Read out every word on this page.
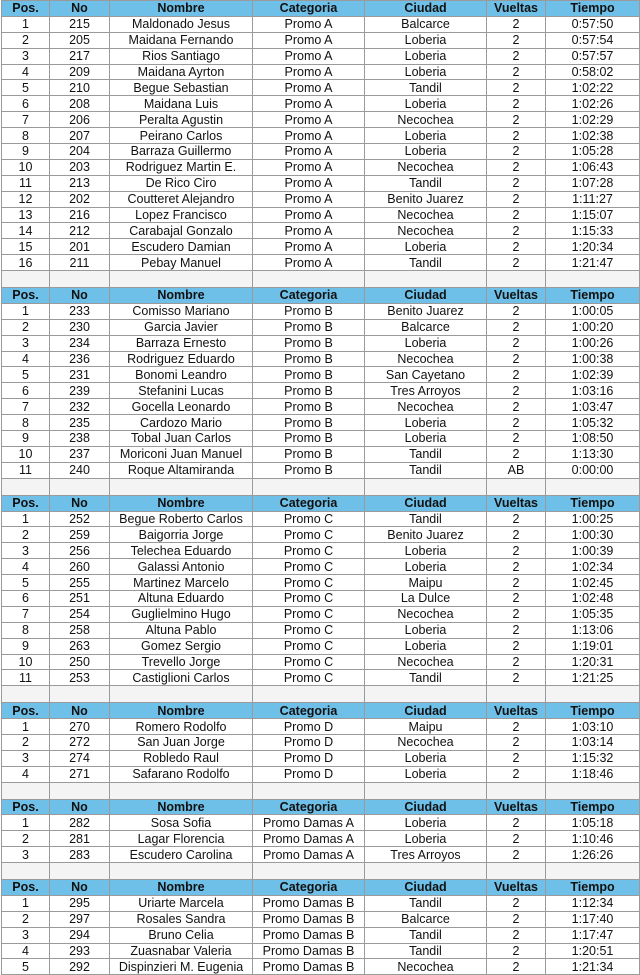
Pos.	No	Nombre	Categoria	Ciudad	Vueltas	Tiempo
1	215	Maldonado Jesus	Promo A	Balcarce	2	0:57:50
2	205	Maidana Fernando	Promo A	Loberia	2	0:57:54
3	217	Rios Santiago	Promo A	Loberia	2	0:57:57
4	209	Maidana Ayrton	Promo A	Loberia	2	0:58:02
5	210	Begue Sebastian	Promo A	Tandil	2	1:02:22
6	208	Maidana Luis	Promo A	Loberia	2	1:02:26
7	206	Peralta Agustin	Promo A	Necochea	2	1:02:29
8	207	Peirano Carlos	Promo A	Loberia	2	1:02:38
9	204	Barraza Guillermo	Promo A	Loberia	2	1:05:28
10	203	Rodriguez Martin E.	Promo A	Necochea	2	1:06:43
11	213	De Rico Ciro	Promo A	Tandil	2	1:07:28
12	202	Coutteret Alejandro	Promo A	Benito Juarez	2	1:11:27
13	216	Lopez Francisco	Promo A	Necochea	2	1:15:07
14	212	Carabajal Gonzalo	Promo A	Necochea	2	1:15:33
15	201	Escudero Damian	Promo A	Loberia	2	1:20:34
16	211	Pebay Manuel	Promo A	Tandil	2	1:21:47

Pos.	No	Nombre	Categoria	Ciudad	Vueltas	Tiempo
1	233	Comisso Mariano	Promo B	Benito Juarez	2	1:00:05
2	230	Garcia Javier	Promo B	Balcarce	2	1:00:20
3	234	Barraza Ernesto	Promo B	Loberia	2	1:00:26
4	236	Rodriguez Eduardo	Promo B	Necochea	2	1:00:38
5	231	Bonomi Leandro	Promo B	San Cayetano	2	1:02:39
6	239	Stefanini Lucas	Promo B	Tres Arroyos	2	1:03:16
7	232	Gocella Leonardo	Promo B	Necochea	2	1:03:47
8	235	Cardozo Mario	Promo B	Loberia	2	1:05:32
9	238	Tobal Juan Carlos	Promo B	Loberia	2	1:08:50
10	237	Moriconi Juan Manuel	Promo B	Tandil	2	1:13:30
11	240	Roque Altamiranda	Promo B	Tandil	AB	0:00:00

Pos.	No	Nombre	Categoria	Ciudad	Vueltas	Tiempo
1	252	Begue Roberto Carlos	Promo C	Tandil	2	1:00:25
2	259	Baigorria Jorge	Promo C	Benito Juarez	2	1:00:30
3	256	Telechea Eduardo	Promo C	Loberia	2	1:00:39
4	260	Galassi Antonio	Promo C	Loberia	2	1:02:34
5	255	Martinez Marcelo	Promo C	Maipu	2	1:02:45
6	251	Altuna Eduardo	Promo C	La Dulce	2	1:02:48
7	254	Guglielmino Hugo	Promo C	Necochea	2	1:05:35
8	258	Altuna Pablo	Promo C	Loberia	2	1:13:06
9	263	Gomez Sergio	Promo C	Loberia	2	1:19:01
10	250	Trevello Jorge	Promo C	Necochea	2	1:20:31
11	253	Castiglioni Carlos	Promo C	Tandil	2	1:21:25

Pos.	No	Nombre	Categoria	Ciudad	Vueltas	Tiempo
1	270	Romero Rodolfo	Promo D	Maipu	2	1:03:10
2	272	San Juan Jorge	Promo D	Necochea	2	1:03:14
3	274	Robledo Raul	Promo D	Loberia	2	1:15:32
4	271	Safarano Rodolfo	Promo D	Loberia	2	1:18:46

Pos.	No	Nombre	Categoria	Ciudad	Vueltas	Tiempo
1	282	Sosa Sofia	Promo Damas A	Loberia	2	1:05:18
2	281	Lagar Florencia	Promo Damas A	Loberia	2	1:10:46
3	283	Escudero Carolina	Promo Damas A	Tres Arroyos	2	1:26:26

Pos.	No	Nombre	Categoria	Ciudad	Vueltas	Tiempo
1	295	Uriarte Marcela	Promo Damas B	Tandil	2	1:12:34
2	297	Rosales Sandra	Promo Damas B	Balcarce	2	1:17:40
3	294	Bruno Celia	Promo Damas B	Tandil	2	1:17:47
4	293	Zuasnabar Valeria	Promo Damas B	Tandil	2	1:20:51
5	292	Dispinzieri M. Eugenia	Promo Damas B	Necochea	2	1:21:34
